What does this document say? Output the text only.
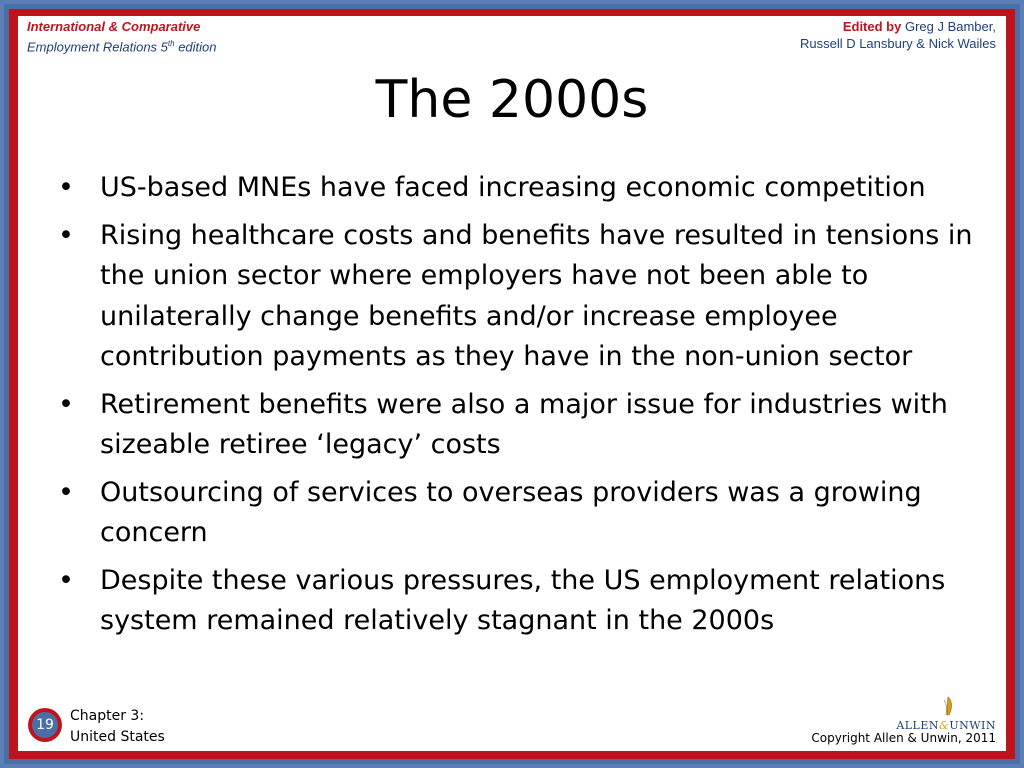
International & Comparative
Employment Relations 5th edition
Edited by Greg J Bamber,
Russell D Lansbury & Nick Wailes
The 2000s
• US-based MNEs have faced increasing economic competition
• Rising healthcare costs and benefits have resulted in tensions in the union sector where employers have not been able to unilaterally change benefits and/or increase employee contribution payments as they have in the non-union sector
• Retirement benefits were also a major issue for industries with sizeable retiree ‘legacy’ costs
• Outsourcing of services to overseas providers was a growing concern
• Despite these various pressures, the US employment relations system remained relatively stagnant in the 2000s
19
Chapter 3:
United States
ALLEN&UNWIN
Copyright Allen & Unwin, 2011
